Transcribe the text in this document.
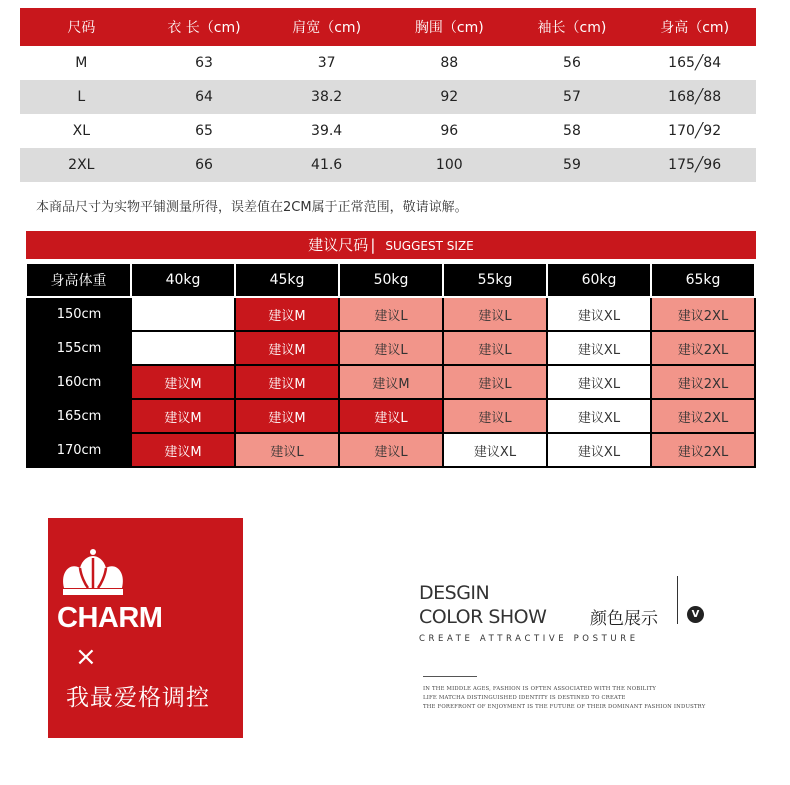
尺码	衣 长（cm)	肩宽（cm)	胸围（cm)	袖长（cm)	身高（cm)
M	63	37	88	56	165╱84
L	64	38.2	92	57	168╱88
XL	65	39.4	96	58	170╱92
2XL	66	41.6	100	59	175╱96
本商品尺寸为实物平铺测量所得，误差值在2CM属于正常范围，敬请谅解。
建议尺码 | SUGGEST SIZE
身高体重	40kg	45kg	50kg	55kg	60kg	65kg
150cm		建议M	建议L	建议L	建议XL	建议2XL
155cm		建议M	建议L	建议L	建议XL	建议2XL
160cm	建议M	建议M	建议M	建议L	建议XL	建议2XL
165cm	建议M	建议M	建议L	建议L	建议XL	建议2XL
170cm	建议M	建议L	建议L	建议XL	建议XL	建议2XL
CHARM
×
我最爱格调控
DESGIN
COLOR SHOW	颜色展示	V
CREATE ATTRACTIVE POSTURE
IN THE MIDDLE AGES, FASHION IS OFTEN ASSOCIATED WITH THE NOBILITY
LIFE MATCHA DISTINGUISHED IDENTITY IS DESTINED TO CREATE
THE FOREFRONT OF ENJOYMENT IS THE FUTURE OF THEIR DOMINANT FASHION INDUSTRY
